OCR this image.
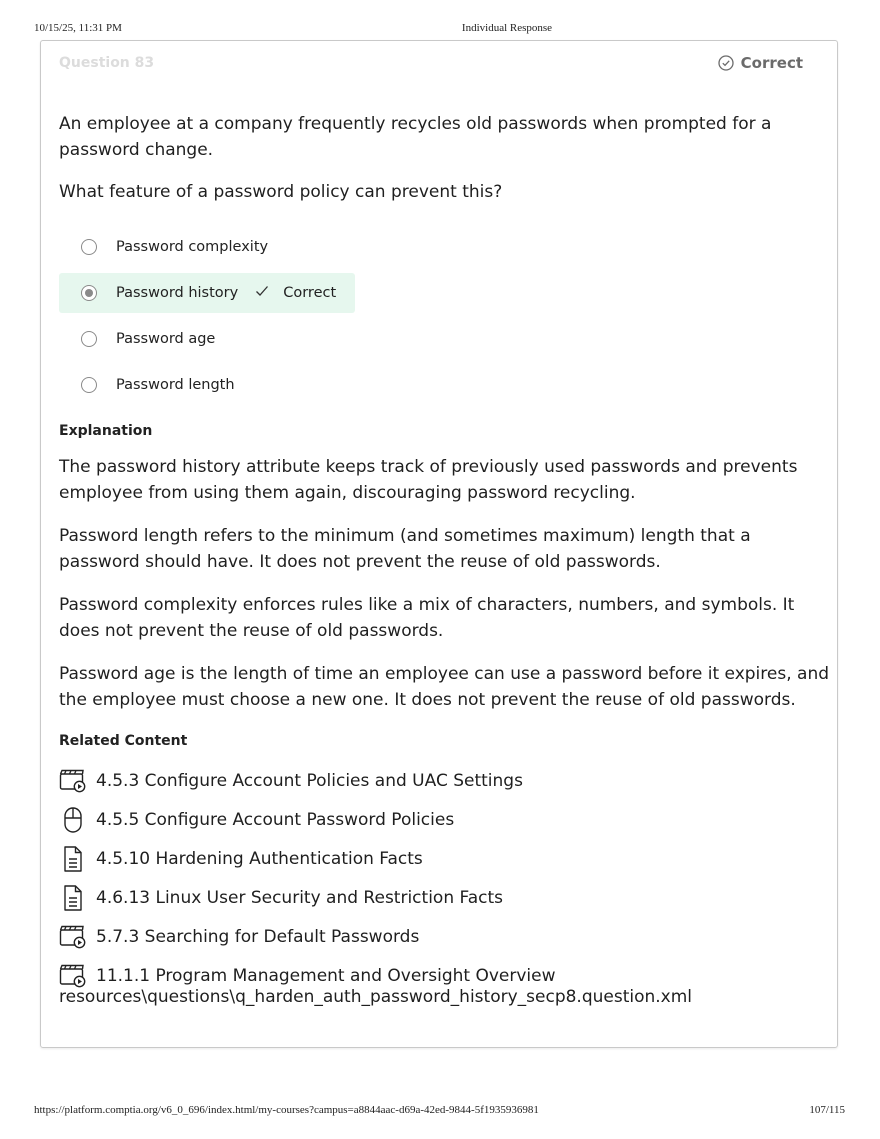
10/15/25, 11:31 PM	Individual Response
Question 83	Correct

An employee at a company frequently recycles old passwords when prompted for a password change.

What feature of a password policy can prevent this?

Password complexity
Password history	Correct
Password age
Password length
Explanation

The password history attribute keeps track of previously used passwords and prevents employee from using them again, discouraging password recycling.

Password length refers to the minimum (and sometimes maximum) length that a password should have. It does not prevent the reuse of old passwords.

Password complexity enforces rules like a mix of characters, numbers, and symbols. It does not prevent the reuse of old passwords.

Password age is the length of time an employee can use a password before it expires, and the employee must choose a new one. It does not prevent the reuse of old passwords.

Related Content
4.5.3 Configure Account Policies and UAC Settings
4.5.5 Configure Account Password Policies
4.5.10 Hardening Authentication Facts
4.6.13 Linux User Security and Restriction Facts
5.7.3 Searching for Default Passwords
11.1.1 Program Management and Oversight Overview
resources\questions\q_harden_auth_password_history_secp8.question.xml
https://platform.comptia.org/v6_0_696/index.html/my-courses?campus=a8844aac-d69a-42ed-9844-5f1935936981	107/115
